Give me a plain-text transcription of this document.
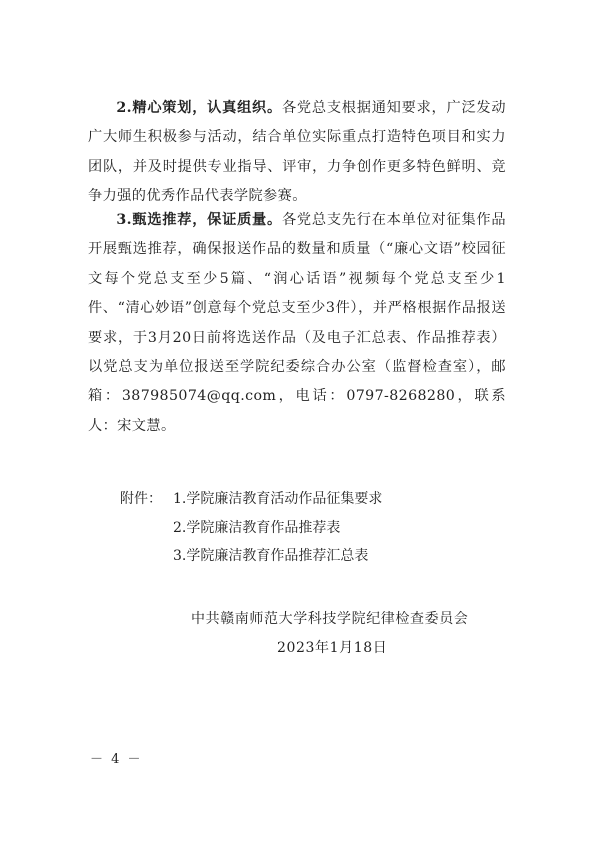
2.精心策划，认真组织。各党总支根据通知要求，广泛发动广大师生积极参与活动，结合单位实际重点打造特色项目和实力团队，并及时提供专业指导、评审，力争创作更多特色鲜明、竞争力强的优秀作品代表学院参赛。

3.甄选推荐，保证质量。各党总支先行在本单位对征集作品开展甄选推荐，确保报送作品的数量和质量（“廉心文语”校园征文每个党总支至少5篇、“润心话语”视频每个党总支至少1件、“清心妙语”创意每个党总支至少3件），并严格根据作品报送要求，于3月20日前将选送作品（及电子汇总表、作品推荐表）以党总支为单位报送至学院纪委综合办公室（监督检查室），邮箱：387985074@qq.com，电话：0797-8268280，联系人：宋文慧。

附件： 1.学院廉洁教育活动作品征集要求
2.学院廉洁教育作品推荐表
3.学院廉洁教育作品推荐汇总表
中共赣南师范大学科技学院纪律检查委员会
2023年1月18日
－ 4 －
